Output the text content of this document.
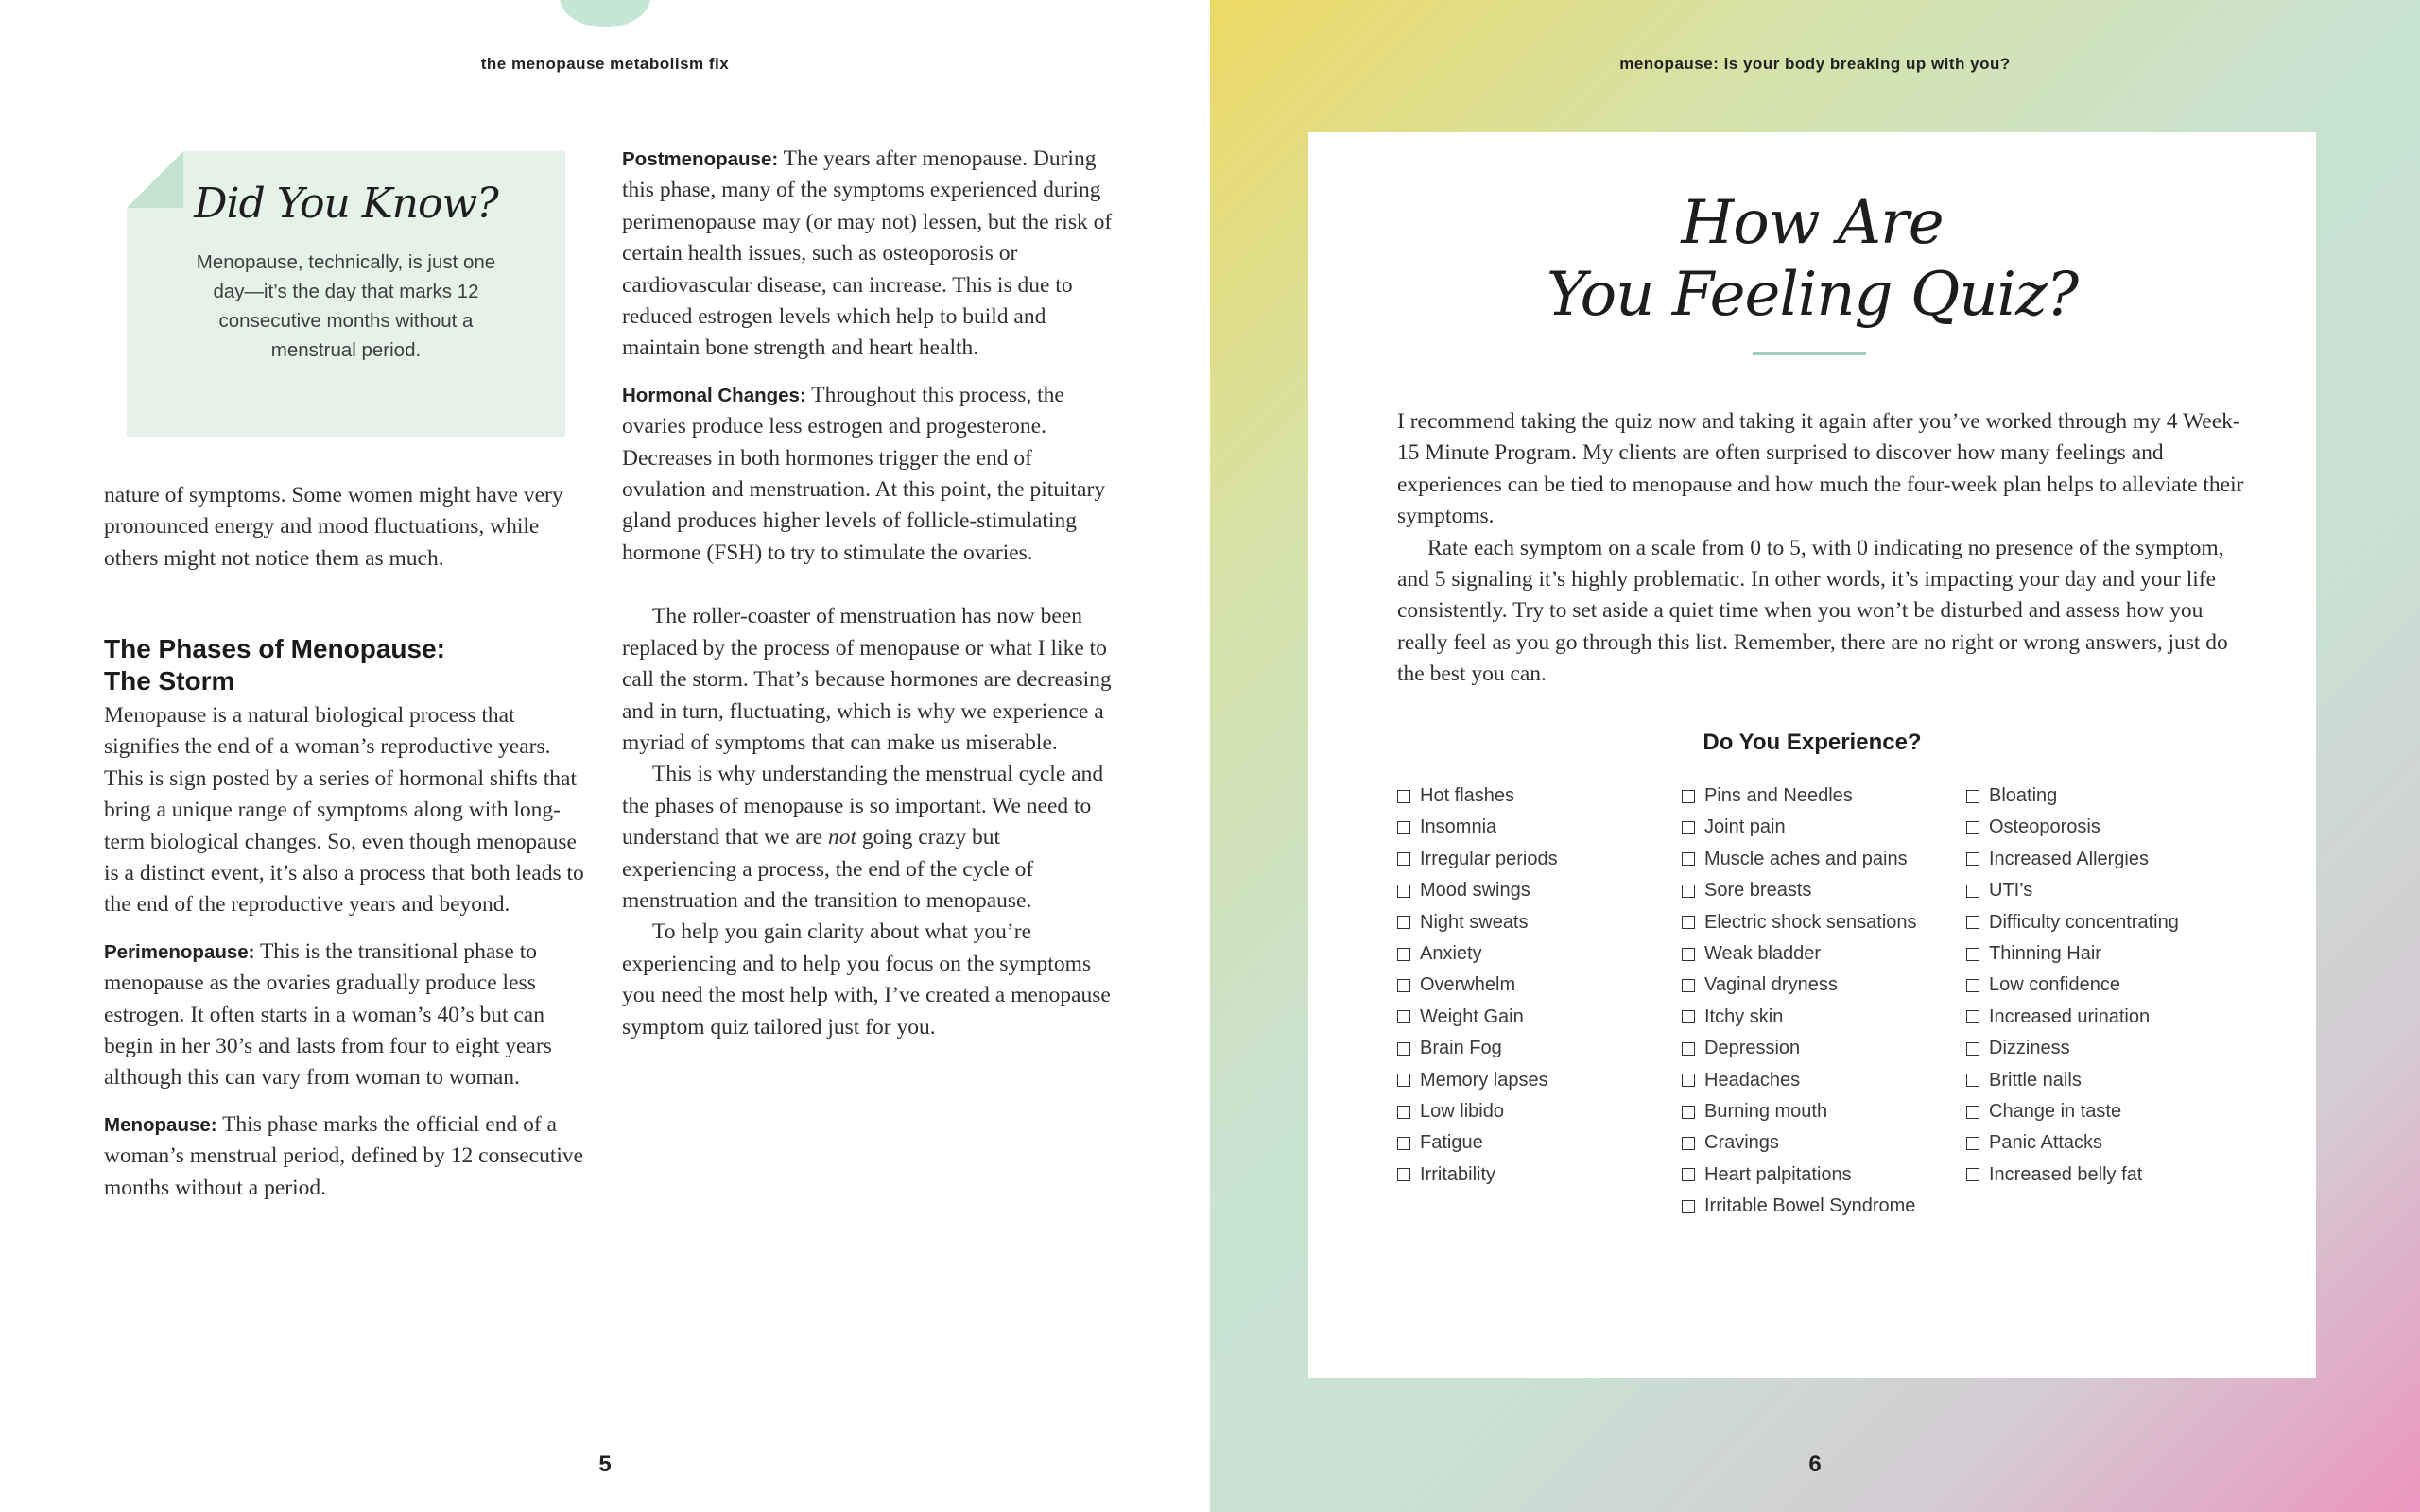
the menopause metabolism fix
Did You Know?
Menopause, technically, is just one day—it’s the day that marks 12 consecutive months without a menstrual period.

nature of symptoms. Some women might have very pronounced energy and mood fluctuations, while others might not notice them as much.

The Phases of Menopause:
The Storm

Menopause is a natural biological process that signifies the end of a woman’s reproductive years. This is sign posted by a series of hormonal shifts that bring a unique range of symptoms along with long-term biological changes. So, even though menopause is a distinct event, it’s also a process that both leads to the end of the reproductive years and beyond.

Perimenopause: This is the transitional phase to menopause as the ovaries gradually produce less estrogen. It often starts in a woman’s 40’s but can begin in her 30’s and lasts from four to eight years although this can vary from woman to woman.

Menopause: This phase marks the official end of a woman’s menstrual period, defined by 12 consecutive months without a period.

Postmenopause: The years after menopause. During this phase, many of the symptoms experienced during perimenopause may (or may not) lessen, but the risk of certain health issues, such as osteoporosis or cardiovascular disease, can increase. This is due to reduced estrogen levels which help to build and maintain bone strength and heart health.

Hormonal Changes: Throughout this process, the ovaries produce less estrogen and progesterone. Decreases in both hormones trigger the end of ovulation and menstruation. At this point, the pituitary gland produces higher levels of follicle-stimulating hormone (FSH) to try to stimulate the ovaries.

The roller-coaster of menstruation has now been replaced by the process of menopause or what I like to call the storm. That’s because hormones are decreasing and in turn, fluctuating, which is why we experience a myriad of symptoms that can make us miserable.

This is why understanding the menstrual cycle and the phases of menopause is so important. We need to understand that we are not going crazy but experiencing a process, the end of the cycle of menstruation and the transition to menopause.

To help you gain clarity about what you’re experiencing and to help you focus on the symptoms you need the most help with, I’ve created a menopause symptom quiz tailored just for you.

5
menopause: is your body breaking up with you?
How Are
You Feeling Quiz?

I recommend taking the quiz now and taking it again after you’ve worked through my 4 Week-15 Minute Program. My clients are often surprised to discover how many feelings and experiences can be tied to menopause and how much the four-week plan helps to alleviate their symptoms.

Rate each symptom on a scale from 0 to 5, with 0 indicating no presence of the symptom, and 5 signaling it’s highly problematic. In other words, it’s impacting your day and your life consistently. Try to set aside a quiet time when you won’t be disturbed and assess how you really feel as you go through this list. Remember, there are no right or wrong answers, just do the best you can.

Do You Experience?
Hot flashes
Insomnia
Irregular periods
Mood swings
Night sweats
Anxiety
Overwhelm
Weight Gain
Brain Fog
Memory lapses
Low libido
Fatigue
Irritability
Pins and Needles
Joint pain
Muscle aches and pains
Sore breasts
Electric shock sensations
Weak bladder
Vaginal dryness
Itchy skin
Depression
Headaches
Burning mouth
Cravings
Heart palpitations
Irritable Bowel Syndrome
Bloating
Osteoporosis
Increased Allergies
UTI’s
Difficulty concentrating
Thinning Hair
Low confidence
Increased urination
Dizziness
Brittle nails
Change in taste
Panic Attacks
Increased belly fat
6
